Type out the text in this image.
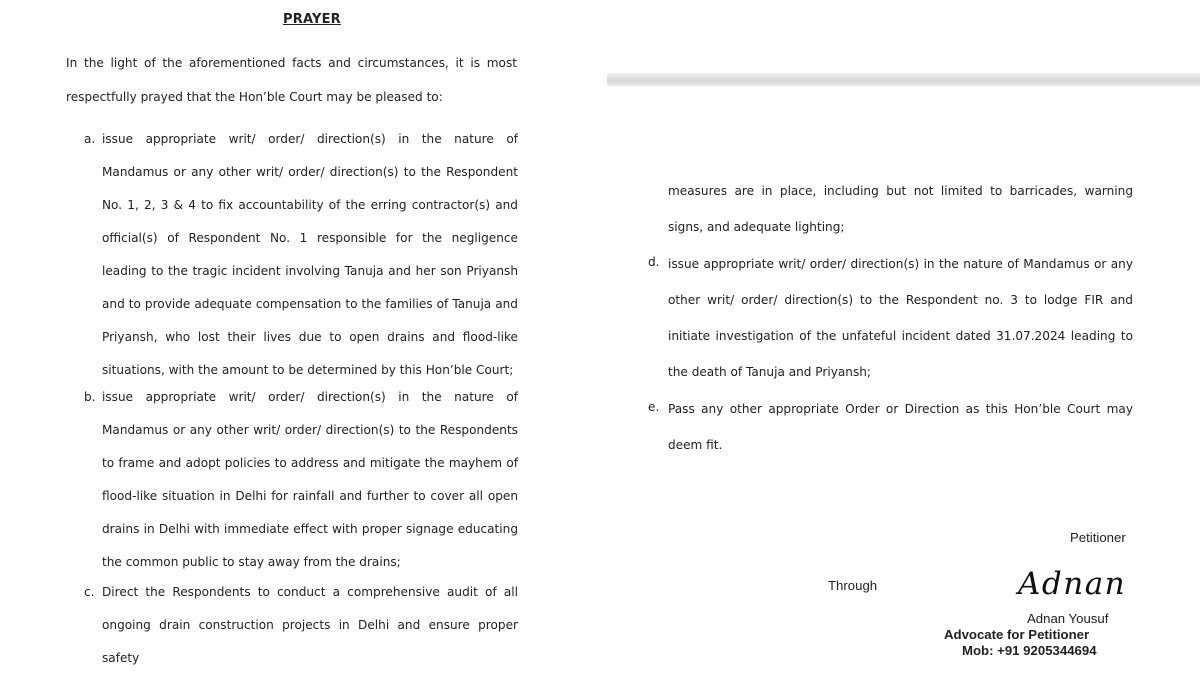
PRAYER
In the light of the aforementioned facts and circumstances, it is most respectfully prayed that the Hon’ble Court may be pleased to:
a. issue appropriate writ/ order/ direction(s) in the nature of Mandamus or any other writ/ order/ direction(s) to the Respondent No. 1, 2, 3 & 4 to fix accountability of the erring contractor(s) and official(s) of Respondent No. 1 responsible for the negligence leading to the tragic incident involving Tanuja and her son Priyansh and to provide adequate compensation to the families of Tanuja and Priyansh, who lost their lives due to open drains and flood-like situations, with the amount to be determined by this Hon’ble Court;
b. issue appropriate writ/ order/ direction(s) in the nature of Mandamus or any other writ/ order/ direction(s) to the Respondents to frame and adopt policies to address and mitigate the mayhem of flood-like situation in Delhi for rainfall and further to cover all open drains in Delhi with immediate effect with proper signage educating the common public to stay away from the drains;
c. Direct the Respondents to conduct a comprehensive audit of all ongoing drain construction projects in Delhi and ensure proper safety
measures are in place, including but not limited to barricades, warning signs, and adequate lighting;
d. issue appropriate writ/ order/ direction(s) in the nature of Mandamus or any other writ/ order/ direction(s) to the Respondent no. 3 to lodge FIR and initiate investigation of the unfateful incident dated 31.07.2024 leading to the death of Tanuja and Priyansh;
e. Pass any other appropriate Order or Direction as this Hon’ble Court may deem fit.
Petitioner
Through	Adnan
Adnan Yousuf
Advocate for Petitioner
Mob: +91 9205344694
